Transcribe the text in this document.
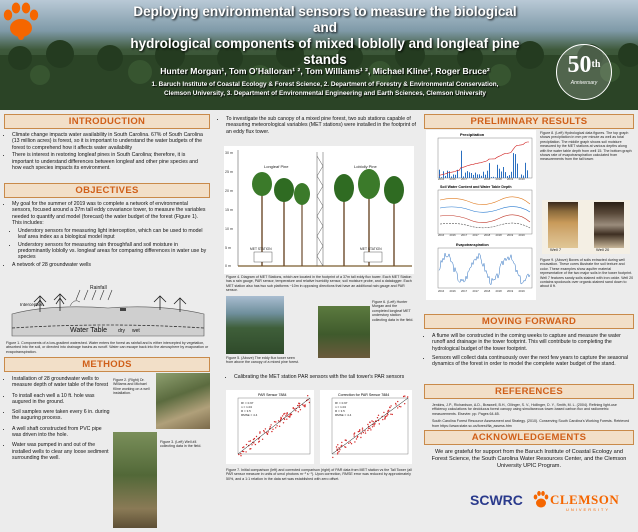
Deploying environmental sensors to measure the biological and
hydrological components of mixed loblolly and longleaf pine stands
Hunter Morgan¹, Tom O’Halloran¹ ², Tom Williams¹ ², Michael Kline¹, Roger Bruce²
1. Baruch Institute of Coastal Ecology & Forest Science, 2. Department of Forestry & Environmental Conservation,
Clemson University, 3. Department of Environmental Engineering and Earth Sciences, Clemson University
50th
Anniversary
INTRODUCTION
• Climate change impacts water availability in South Carolina. 67% of South Carolina (13 million acres) is forest, so it is important to understand the water budgets of the forest to comprehend how it affects water availability
• There is interest in restoring longleaf pines in South Carolina; therefore, it is important to understand differences between longleaf and other pine species and how each species impacts its environment.
OBJECTIVES
• My goal for the summer of 2019 was to complete a network of environmental sensors, focused around a 37m tall eddy covariance tower, to measure the variables needed to quantify and model (forecast) the water budget of the forest (Figure 1). This includes:
• Understory sensors for measuring light interception, which can be used to model leaf area index as a biological model input
• Understory sensors for measuring rain throughfall and soil moisture in predominantly loblolly vs. longleaf areas for comparing differences in water use by species
• A network of 28 groundwater wells
Rainfall
Interception
Water Table dry wet
Figure 1. Components of a low-gradient watershed. Water enters the forest as rainfall and is either intercepted by vegetation, absorbed into the soil, or directed into drainage basins as runoff. Water can escape back into the atmosphere by evaporation or evapotranspiration.
METHODS
• Installation of 28 groundwater wells to measure depth of water table of the forest
• To install each well a 10 ft. hole was augured in the ground.
• Soil samples were taken every 6 in. during the auguring process.
• A well shaft constructed from PVC pipe was driven into the hole.
• Water was pumped in and out of the installed wells to clear any loose sediment surrounding the well.
Figure 2. (Right) Dr. Williams and Michael Kline working on a well installation.
Figure 3. (Left) Well #4 collecting data in the field.
• To investigate the sub canopy of a mixed pine forest, two sub stations capable of measuring meteorological variables (MET stations) were installed in the footprint of an eddy flux tower.
30 m
25 m
20 m
15 m
10 m
5 m
0 m
Longleaf Pine	Loblolly Pine
MET STATION	MET STATION
Figure 4. Diagram of MET Stations, which are located in the footprint of a 37m tall eddy flux tower. Each MET Station has a rain gauge, PAR sensor, temperature and relative humidity sensor, soil moisture probe, and a datalogger. Each MET station also has two sub platforms ~10m in opposing directions that have an additional rain gauge and PAR sensor.
Figure 6. (Left) Hunter Morgan and the completed longleaf MET understory station collecting data in the field.
Figure 5. (Above) The eddy flux tower seen from above the canopy of a mixed pine forest.
• Calibrating the MET station PAR sensors with the tall tower's PAR sensors
PAR Sensor 7884
R² = 0.97
n = 1.04
R = 3.5
RMSE = 4.4
Correction for PAR Sensor 7884
R² = 0.97
n = 1.04
R = 3.5
RMSE = 4.4
Figure 7. Initial comparison (left) and corrected comparison (right) of PAR data from MET station vs the Tall Tower (all PAR sensor measure in units of umol photons m⁻² s⁻¹). Upon correction, RMSE error was reduced by approximately 50%, and a 1:1 relation in the data set was established with zero offset.
PRELIMINARY RESULTS
Precipitation
Soil Water Content and Water Table Depth
Evapotranspiration
2016
2016
2016
2016
2016
2016
2017
2017
2017
2017
2017
2017
2018
2018
2018
2018
2018
2018
2019
2019
2019
2019
2019
2019
Figure 8. (Left) Hydrological data figures. The top graph shows precipitation in mm per minute as well as total precipitation. The middle graph shows soil moisture measured by the MET stations at various depths along with the water table depth from well 15. The bottom graph shows rate of evapotranspiration calculated from measurements from the tall tower.
Well 7	Well 20
Figure 9. (Above) Boxes of soils extracted during well excavation. These cores illustrate the soil texture and color. These examples show aquifer material representative of the two major soils in the tower footprint. Well 7 features sandy soils stained with iron oxide. Well 20 contains spodosols over organic-stained sand down to about 8 ft.
MOVING FORWARD
• A flume will be constructed in the coming weeks to capture and measure the water runoff and drainage in the tower footprint. This will contribute to completing the hydrological budget of the tower footprint.
• Sensors will collect data continuously over the next few years to capture the seasonal dynamics of the forest in order to model the complete water budget of the stand.
REFERENCES
Jenkins, J.P., Richardson, A.D., Braswell, B.H., Ollinger, S. V., Hollinger, D. Y., Smith, M. L. (2004). Refining light-use efficiency calculations for deciduous forest canopy using simultaneous tower-based carbon flux and radiometric measurements. Elsevier. pp. Pages 64-65.
South Carolina Forest Resource Assessment and Strategy. (2010). Conserving South Carolina's Working Forests. Retrieved from https://www.state.sc.us/forest/fia_assess.htm
ACKNOWLEDGEMENTS
We are grateful for support from the Baruch Institute of Coastal Ecology and Forest Science, the South Carolina Water Resources Center, and the Clemson University UPIC Program.
SCWRC CLEMSON
UNIVERSITY
